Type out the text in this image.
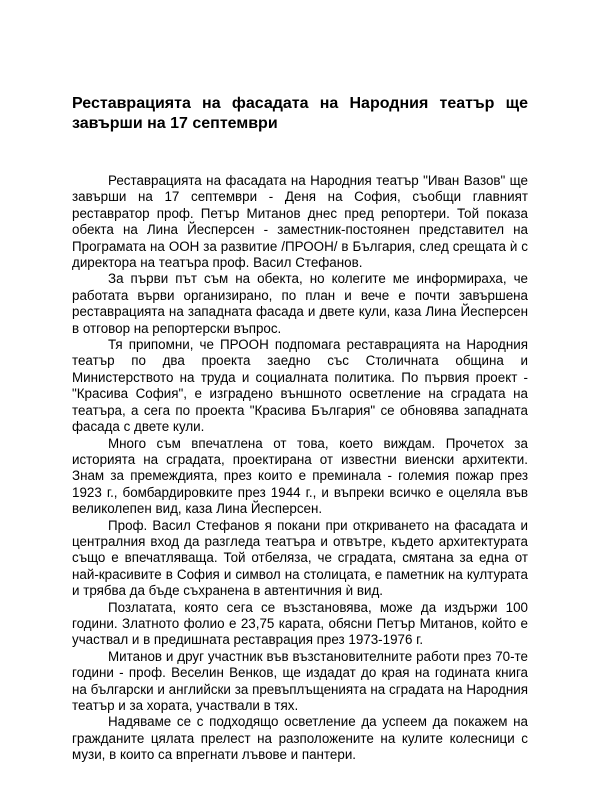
Реставрацията на фасадата на Народния театър ще завърши на 17 септември

Реставрацията на фасадата на Народния театър "Иван Вазов" ще завърши на 17 септември - Деня на София, съобщи главният реставратор проф. Петър Митанов днес пред репортери. Той показа обекта на Лина Йесперсен - заместник-постоянен представител на Програмата на ООН за развитие /ПРООН/ в България, след срещата ѝ с директора на театъра проф. Васил Стефанов.

За първи път съм на обекта, но колегите ме информираха, че работата върви организирано, по план и вече е почти завършена реставрацията на западната фасада и двете кули, каза Лина Йесперсен в отговор на репортерски въпрос.

Тя припомни, че ПРООН подпомага реставрацията на Народния театър по два проекта заедно със Столичната община и Министерството на труда и социалната политика. По първия проект - "Красива София", е изградено външното осветление на сградата на театъра, а сега по проекта "Красива България" се обновява западната фасада с двете кули.

Много съм впечатлена от това, което виждам. Прочетох за историята на сградата, проектирана от известни виенски архитекти. Знам за премеждията, през които е преминала - големия пожар през 1923 г., бомбардировките през 1944 г., и въпреки всичко е оцеляла във великолепен вид, каза Лина Йесперсен.

Проф. Васил Стефанов я покани при откриването на фасадата и централния вход да разгледа театъра и отвътре, където архитектурата също е впечатляваща. Той отбеляза, че сградата, смятана за една от най-красивите в София и символ на столицата, е паметник на културата и трябва да бъде съхранена в автентичния ѝ вид.

Позлатата, която сега се възстановява, може да издържи 100 години. Златното фолио е 23,75 карата, обясни Петър Митанов, който е участвал и в предишната реставрация през 1973-1976 г.

Митанов и друг участник във възстановителните работи през 70-те години - проф. Веселин Венков, ще издадат до края на годината книга на български и английски за превъплъщенията на сградата на Народния театър и за хората, участвали в тях.

Надяваме се с подходящо осветление да успеем да покажем на гражданите цялата прелест на разположените на кулите колесници с музи, в които са впрегнати лъвове и пантери.
